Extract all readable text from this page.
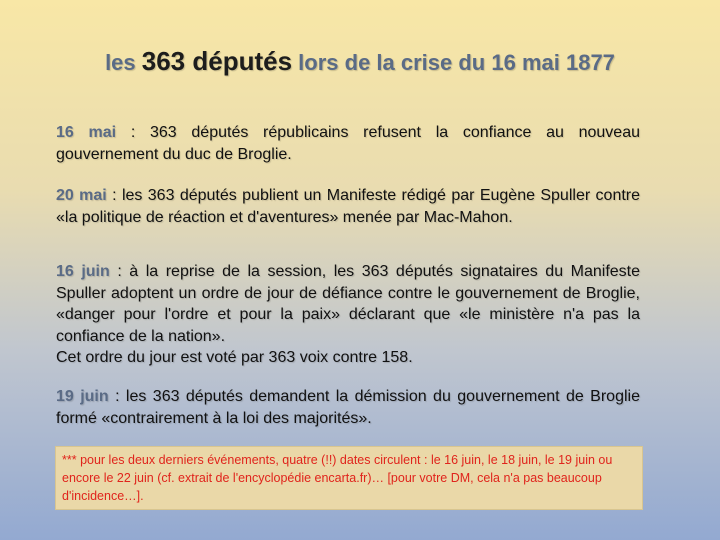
les 363 députés lors de la crise du 16 mai 1877
16 mai : 363 députés républicains refusent la confiance au nouveau gouvernement du duc de Broglie.
20 mai : les 363 députés publient un Manifeste rédigé par Eugène Spuller contre «la politique de réaction et d'aventures» menée par Mac-Mahon.
16 juin : à la reprise de la session, les 363 députés signataires du Manifeste Spuller adoptent un ordre de jour de défiance contre le gouvernement de Broglie, «danger pour l'ordre et pour la paix» déclarant que «le ministère n'a pas la confiance de la nation».
Cet ordre du jour est voté par 363 voix contre 158.
19 juin : les 363 députés demandent la démission du gouvernement de Broglie formé «contrairement à la loi des majorités».
*** pour les deux derniers événements, quatre (!!) dates circulent : le 16 juin, le 18 juin, le 19 juin ou encore le 22 juin (cf. extrait de l'encyclopédie encarta.fr)… [pour votre DM, cela n'a pas beaucoup d'incidence…].
